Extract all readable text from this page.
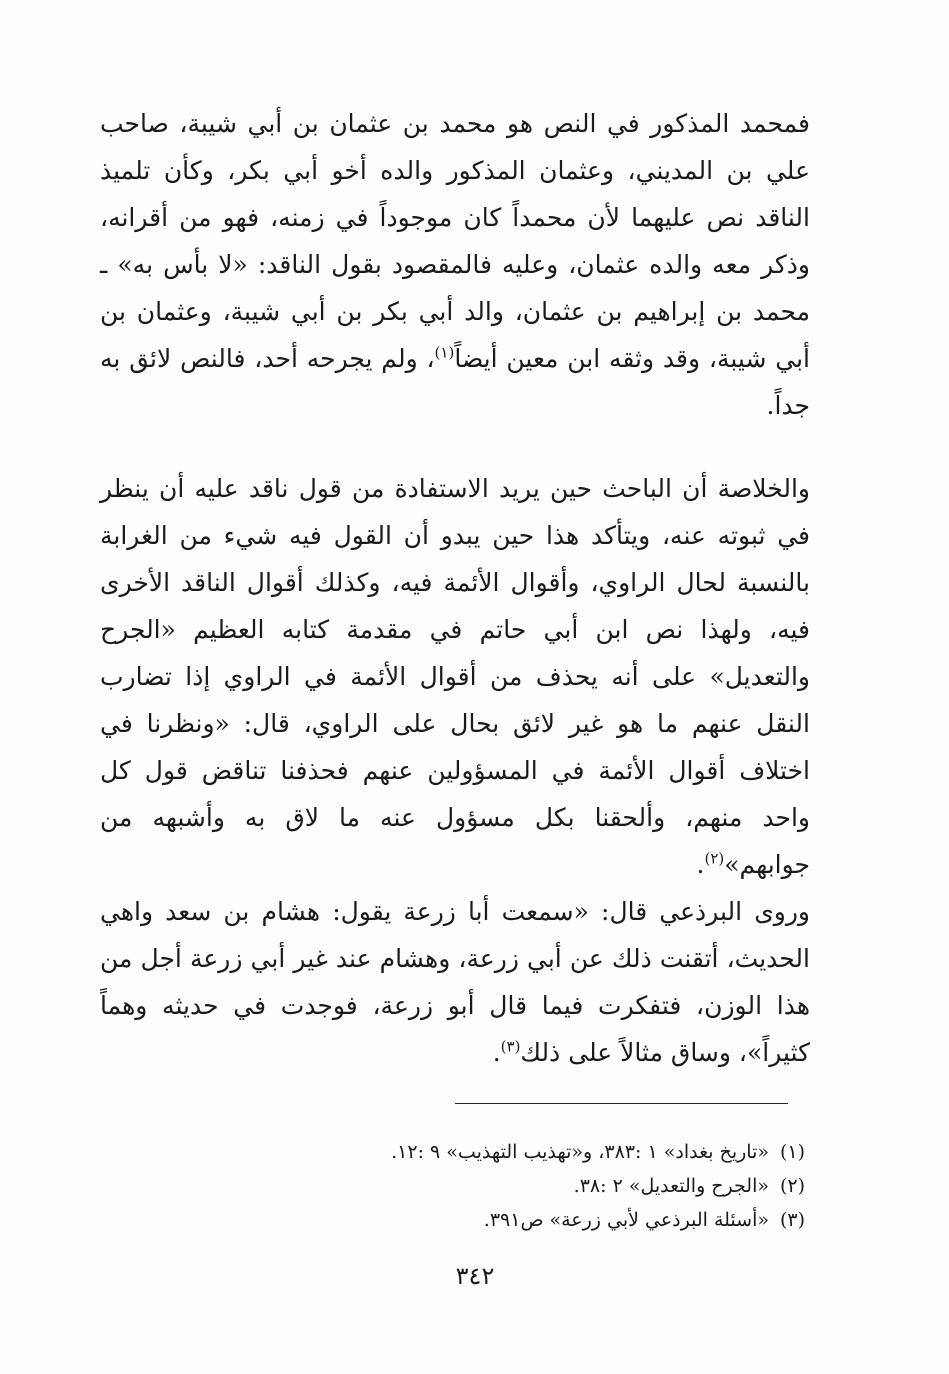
فمحمد المذكور في النص هو محمد بن عثمان بن أبي شيبة، صاحب علي بن المديني، وعثمان المذكور والده أخو أبي بكر، وكأن تلميذ الناقد نص عليهما لأن محمداً كان موجوداً في زمنه، فهو من أقرانه، وذكر معه والده عثمان، وعليه فالمقصود بقول الناقد: «لا بأس به» ـ محمد بن إبراهيم بن عثمان، والد أبي بكر بن أبي شيبة، وعثمان بن أبي شيبة، وقد وثقه ابن معين أيضاً$^{(١)}$، ولم يجرحه أحد، فالنص لائق به جداً.

والخلاصة أن الباحث حين يريد الاستفادة من قول ناقد عليه أن ينظر في ثبوته عنه، ويتأكد هذا حين يبدو أن القول فيه شيء من الغرابة بالنسبة لحال الراوي، وأقوال الأئمة فيه، وكذلك أقوال الناقد الأخرى فيه، ولهذا نص ابن أبي حاتم في مقدمة كتابه العظيم «الجرح والتعديل» على أنه يحذف من أقوال الأئمة في الراوي إذا تضارب النقل عنهم ما هو غير لائق بحال على الراوي، قال: «ونظرنا في اختلاف أقوال الأئمة في المسؤولين عنهم فحذفنا تناقض قول كل واحد منهم، وألحقنا بكل مسؤول عنه ما لاق به وأشبهه من جوابهم»$^{(٢)}$.

وروى البرذعي قال: «سمعت أبا زرعة يقول: هشام بن سعد واهي الحديث، أتقنت ذلك عن أبي زرعة، وهشام عند غير أبي زرعة أجل من هذا الوزن، فتفكرت فيما قال أبو زرعة، فوجدت في حديثه وهماً كثيراً»، وساق مثالاً على ذلك$^{(٣)}$.

(١)«تاريخ بغداد» ١ :٣٨٣، و«تهذيب التهذيب» ٩ :١٢.
(٢)«الجرح والتعديل» ٢ :٣٨.
(٣)«أسئلة البرذعي لأبي زرعة» ص٣٩١.
٣٤٢
